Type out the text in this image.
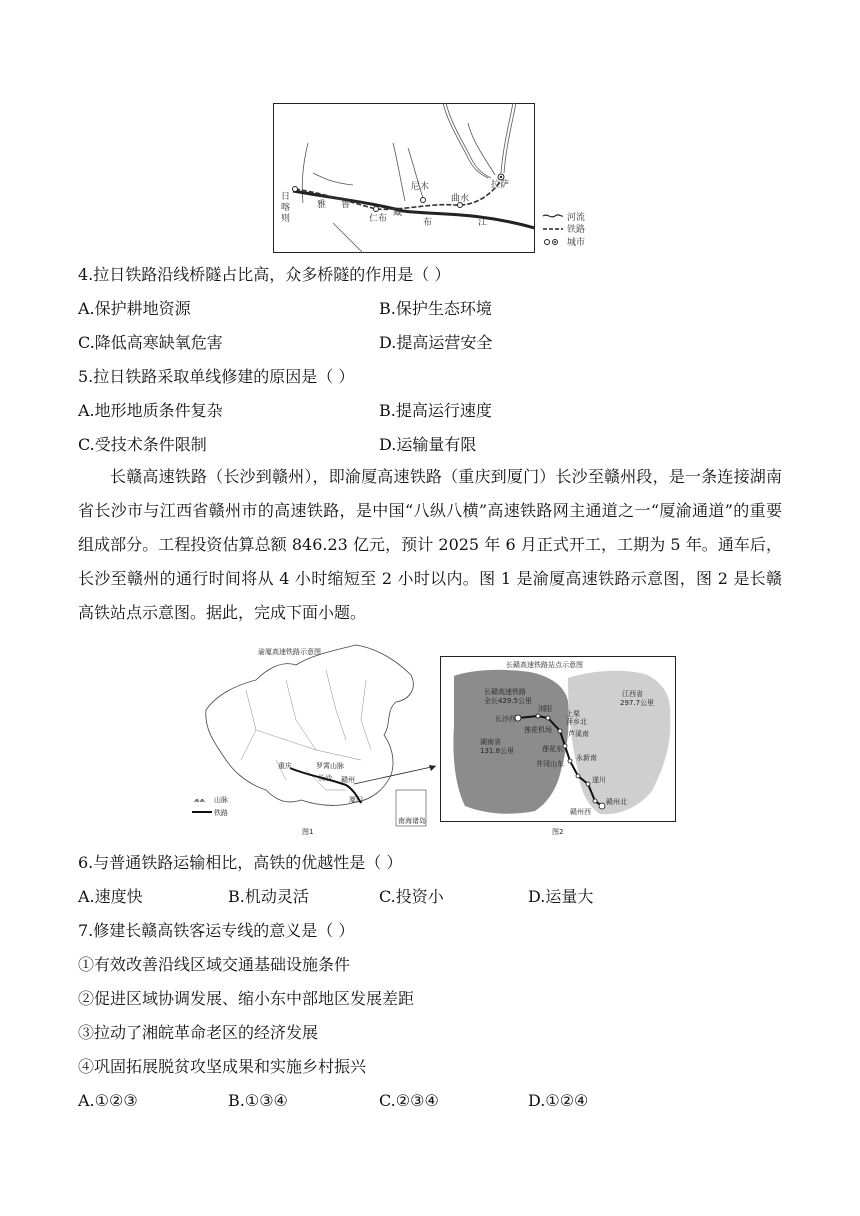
日
喀
则
雅 鲁
仁布
藏
尼木
曲水
拉萨
布	江	河流
铁路
城市
4.拉日铁路沿线桥隧占比高，众多桥隧的作用是（ ）
A.保护耕地资源	B.保护生态环境
C.降低高寒缺氧危害	D.提高运营安全
5.拉日铁路采取单线修建的原因是（ ）
A.地形地质条件复杂	B.提高运行速度
C.受技术条件限制	D.运输量有限
长赣高速铁路（长沙到赣州），即渝厦高速铁路（重庆到厦门）长沙至赣州段，是一条连接湖南省长沙市与江西省赣州市的高速铁路，是中国“八纵八横”高速铁路网主通道之一“厦渝通道”的重要组成部分。工程投资估算总额 846.23 亿元，预计 2025 年 6 月正式开工，工期为 5 年。通车后，长沙至赣州的通行时间将从 4 小时缩短至 2 小时以内。图 1 是渝厦高速铁路示意图，图 2 是长赣高铁站点示意图。据此，完成下面小题。
渝厦高速铁路示意图
罗霄山脉
重庆
长沙 赣州
厦门
南海诸岛
⩕⩕ 山脉
铁路
图1
长赣高速铁路站点示意图
长赣高速铁路
全长429.5公里
湖南省
131.8公里
江西省
297.7公里
长沙西
浏阳
上栗
萍乡北
莲花机场 芦溪南
莲花东
永新南
井冈山东
遂川
赣州西
赣州北
图2
6.与普通铁路运输相比，高铁的优越性是（ ）
A.速度快	B.机动灵活	C.投资小	D.运量大
7.修建长赣高铁客运专线的意义是（ ）
①有效改善沿线区域交通基础设施条件
②促进区域协调发展、缩小东中部地区发展差距
③拉动了湘皖革命老区的经济发展
④巩固拓展脱贫攻坚成果和实施乡村振兴
A.①②③	B.①③④	C.②③④	D.①②④
